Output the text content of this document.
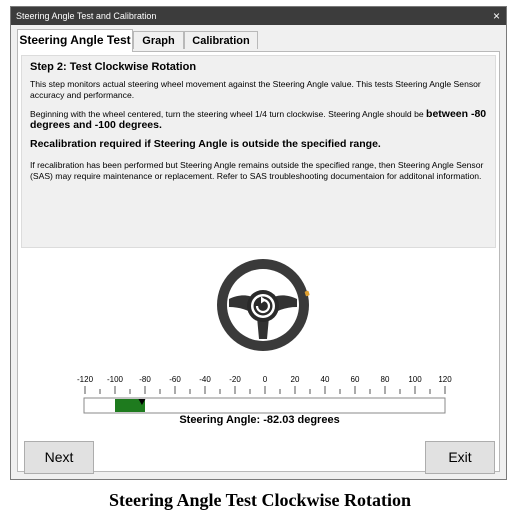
Steering Angle Test and Calibration	×
Steering Angle Test	Graph	Calibration
Step 2: Test Clockwise Rotation

This step monitors actual steering wheel movement against the Steering Angle value. This tests Steering Angle Sensor accuracy and performance.

Beginning with the wheel centered, turn the steering wheel 1/4 turn clockwise. Steering Angle should be between -80 degrees and -100 degrees.

Recalibration required if Steering Angle is outside the specified range.

If recalibration has been performed but Steering Angle remains outside the specified range, then Steering Angle Sensor (SAS) may require maintenance or replacement. Refer to SAS troubleshooting documentaion for additonal information.

-120 -100 -80 -60 -40 -20	0	20	40	60	80 100 120
Steering Angle: -82.03 degrees
Next	Exit
Steering Angle Test Clockwise Rotation
